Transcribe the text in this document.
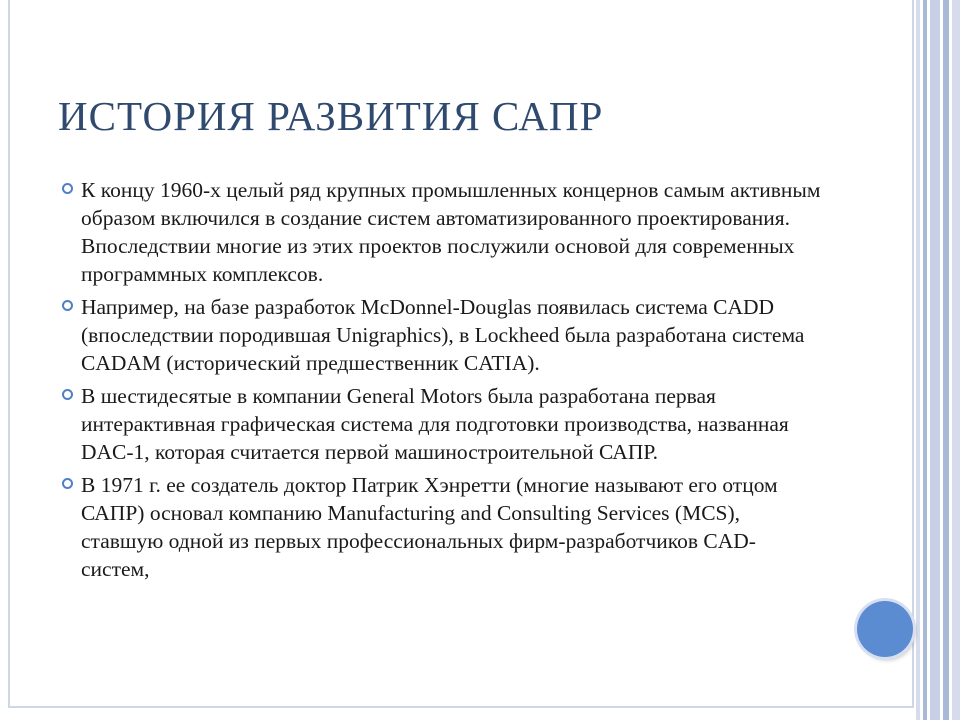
ИСТОРИЯ РАЗВИТИЯ САПР
К концу 1960-х целый ряд крупных промышленных концернов самым активным образом включился в создание систем автоматизированного проектирования. Впоследствии многие из этих проектов послужили основой для современных программных комплексов.
Например, на базе разработок McDonnel-Douglas появилась система CADD (впоследствии породившая Unigraphics), в Lockheed была разработана система CADAM (исторический предшественник CATIA).
В шестидесятые в компании General Motors была разработана первая интерактивная графическая система для подготовки производства, названная DAC-1, которая считается первой машиностроительной САПР.
В 1971 г. ее создатель доктор Патрик Хэнретти (многие называют его отцом САПР) основал компанию Manufacturing and Consulting Services (MCS), ставшую одной из первых профессиональных фирм-разработчиков CAD-систем,
